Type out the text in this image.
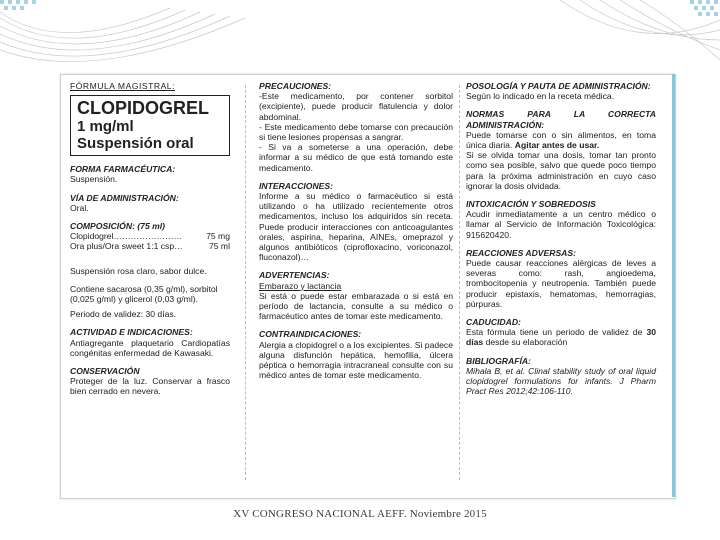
FÓRMULA MAGISTRAL:

CLOPIDOGREL
1 mg/ml
Suspensión oral

FORMA FARMACÉUTICA:

Suspensión.

VÍA DE ADMINISTRACIÓN:

Oral.

COMPOSICIÓN: (75 ml)

Clopidogrel……………………	75 mg
Ora plus/Ora sweet 1:1 csp…	75 ml

Suspensión rosa claro, sabor dulce.

Contiene sacarosa (0,35 g/ml), sorbitol (0,025 g/ml) y glicerol (0,03 g/ml).

Periodo de validez: 30 días.

ACTIVIDAD E INDICACIONES:

Antiagregante plaquetario Cardiopatías congénitas enfermedad de Kawasaki.

CONSERVACIÓN

Proteger de la luz. Conservar a frasco bien cerrado en nevera.

PRECAUCIONES:

-Este medicamento, por contener sorbitol (excipiente), puede producir flatulencia y dolor abdominal.

- Este medicamento debe tomarse con precaución si tiene lesiones propensas a sangrar.

- Si va a someterse a una operación, debe informar a su médico de que está tomando este medicamento.

INTERACCIONES:

Informe a su médico o farmacéutico si está utilizando o ha utilizado recientemente otros medicamentos, incluso los adquiridos sin receta. Puede producir interacciones con anticoagulantes orales, aspirina, heparina, AINEs, omeprazol y algunos antibióticos (ciprofloxacino, voriconazol, fluconazol)…

ADVERTENCIAS:

Embarazo y lactancia

Si está o puede estar embarazada o si está en período de lactancia, consulte a su médico o farmacéutico antes de tomar este medicamento.

CONTRAINDICACIONES:

Alergia a clopidogrel o a los excipientes. Si padece alguna disfunción hepática, hemofilia, úlcera péptica o hemorragia intracraneal consulte con su médico antes de tomar este medicamento.

POSOLOGÍA Y PAUTA DE ADMINISTRACIÓN:

Según lo indicado en la receta médica.

NORMAS PARA LA CORRECTA ADMINISTRACIÓN:

Puede tomarse con o sin alimentos, en toma única diaria. Agitar antes de usar.

Si se olvida tomar una dosis, tomar tan pronto como sea posible, salvo que quede poco tiempo para la próxima administración en cuyo caso ignorar la dosis olvidada.

INTOXICACIÓN Y SOBREDOSIS

Acudir inmediatamente a un centro médico o llamar al Servicio de Información Toxicológica: 915620420.

REACCIONES ADVERSAS:

Puede causar reacciones alérgicas de leves a severas como: rash, angioedema, trombocitopenia y neutropenia. También puede producir epistaxis, hematomas, hemorragias, púrpuras.

CADUCIDAD:

Esta fórmula tiene un periodo de validez de 30 días desde su elaboración

BIBLIOGRAFÍA:

Mihala B, et al. Clinal stability study of oral liquid clopidogrel formulations for infants. J Pharm Pract Res 2012;42:106-110.

XV CONGRESO NACIONAL AEFF. Noviembre 2015
